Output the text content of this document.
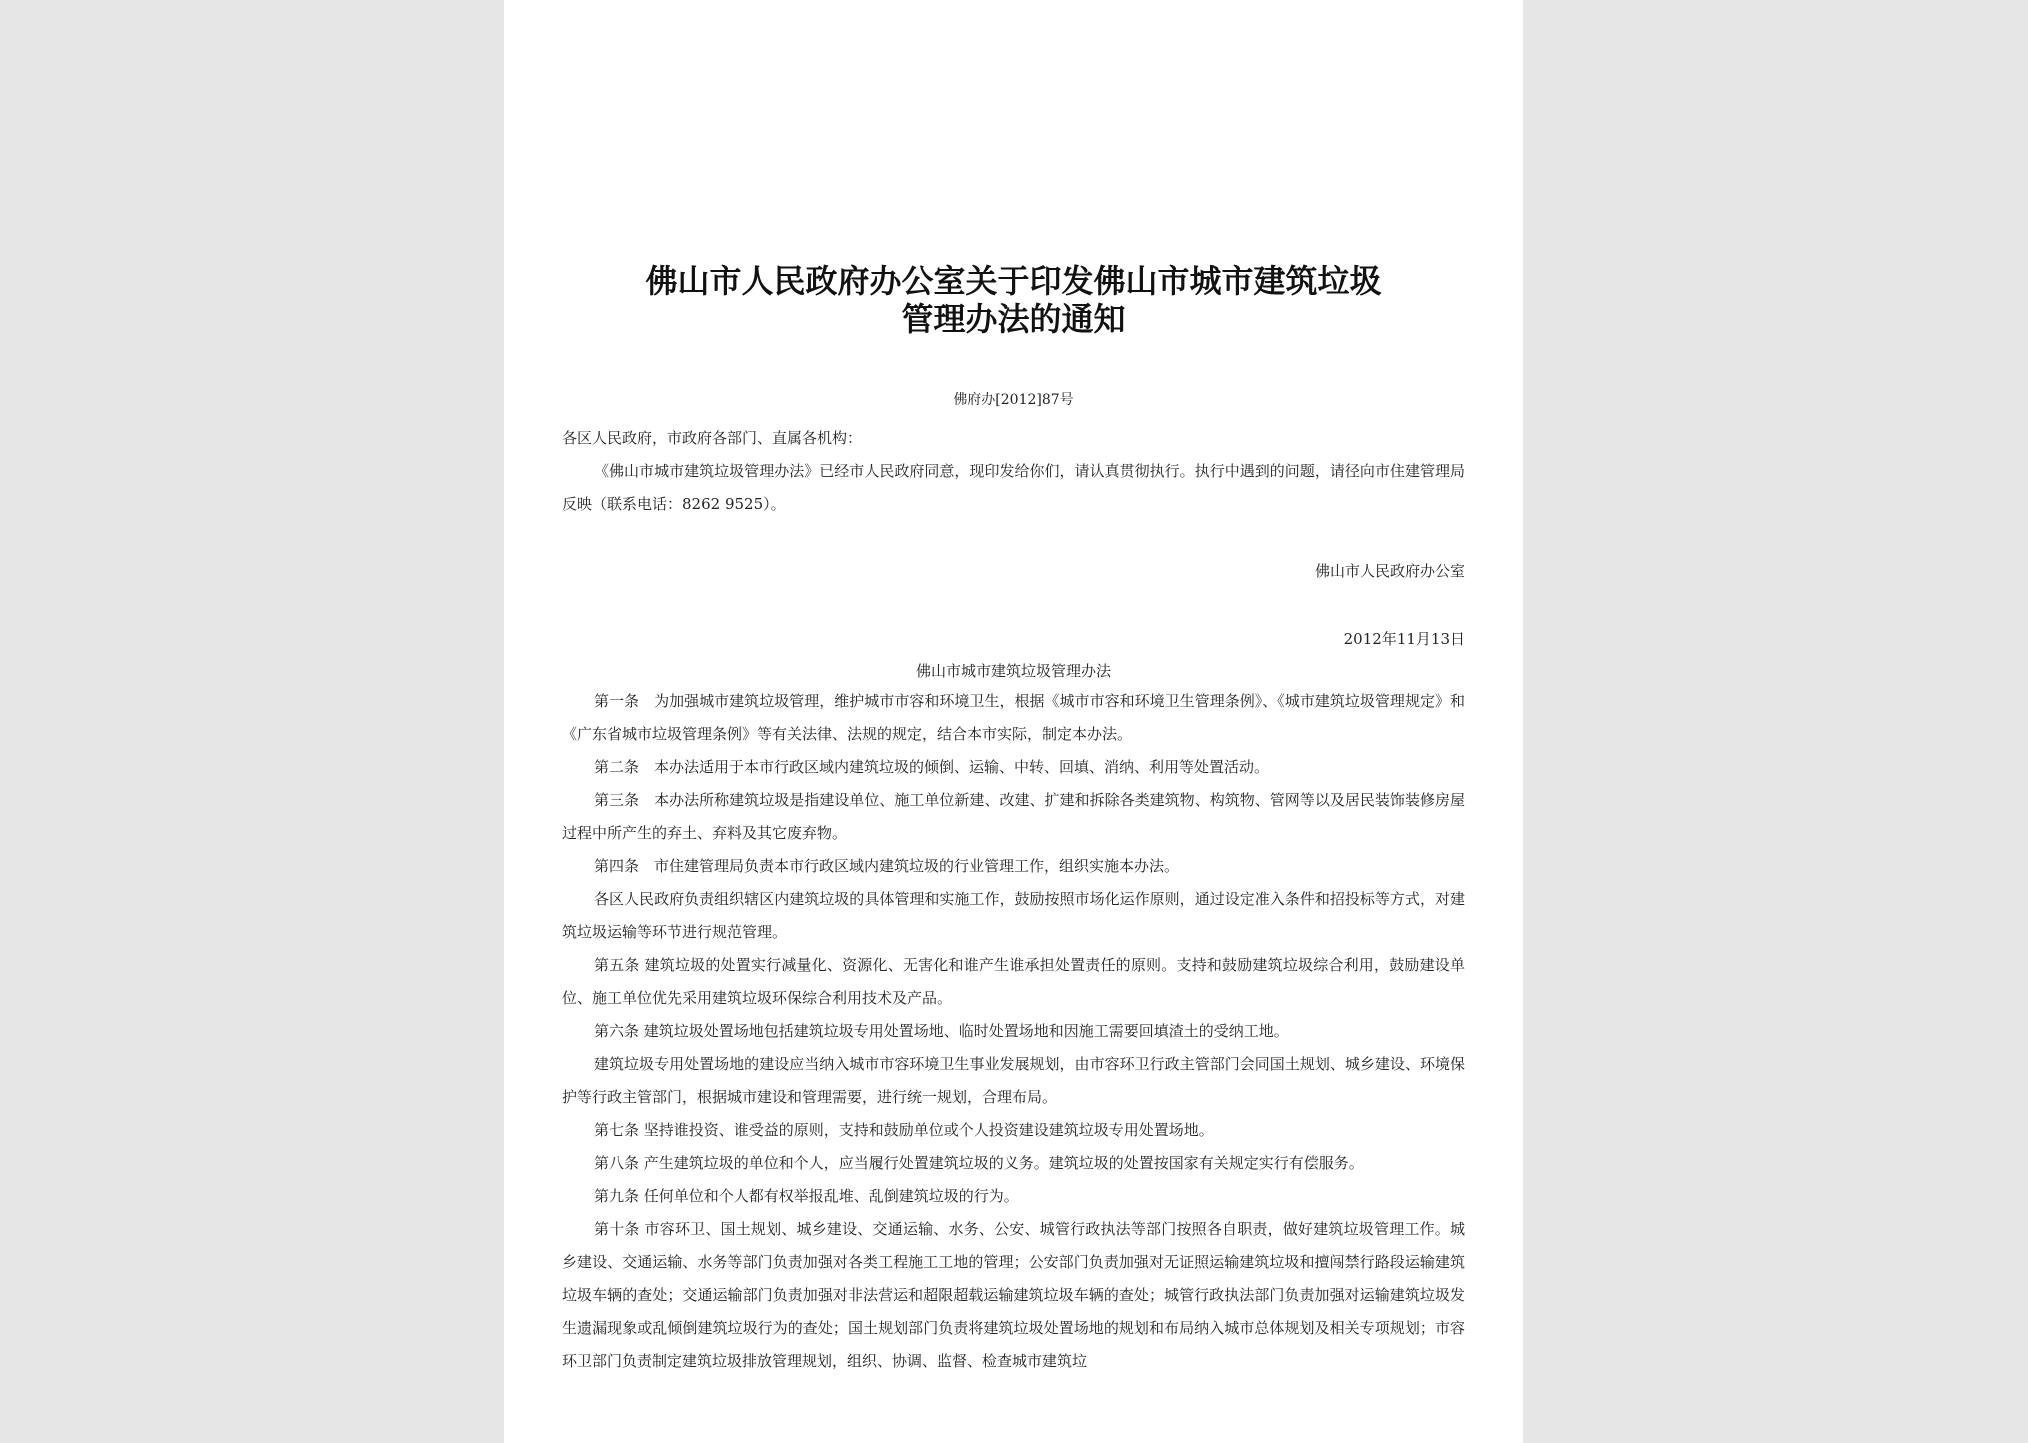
佛山市人民政府办公室关于印发佛山市城市建筑垃圾
管理办法的通知
佛府办[2012]87号

各区人民政府，市政府各部门、直属各机构：

《佛山市城市建筑垃圾管理办法》已经市人民政府同意，现印发给你们，请认真贯彻执行。执行中遇到的问题，请径向市住建管理局反映（联系电话：8262 9525）。

佛山市人民政府办公室
2012年11月13日
佛山市城市建筑垃圾管理办法

第一条　为加强城市建筑垃圾管理，维护城市市容和环境卫生，根据《城市市容和环境卫生管理条例》、《城市建筑垃圾管理规定》和《广东省城市垃圾管理条例》等有关法律、法规的规定，结合本市实际，制定本办法。

第二条　本办法适用于本市行政区域内建筑垃圾的倾倒、运输、中转、回填、消纳、利用等处置活动。

第三条　本办法所称建筑垃圾是指建设单位、施工单位新建、改建、扩建和拆除各类建筑物、构筑物、管网等以及居民装饰装修房屋过程中所产生的弃土、弃料及其它废弃物。

第四条　市住建管理局负责本市行政区域内建筑垃圾的行业管理工作，组织实施本办法。

各区人民政府负责组织辖区内建筑垃圾的具体管理和实施工作，鼓励按照市场化运作原则，通过设定准入条件和招投标等方式，对建筑垃圾运输等环节进行规范管理。

第五条 建筑垃圾的处置实行减量化、资源化、无害化和谁产生谁承担处置责任的原则。支持和鼓励建筑垃圾综合利用，鼓励建设单位、施工单位优先采用建筑垃圾环保综合利用技术及产品。

第六条 建筑垃圾处置场地包括建筑垃圾专用处置场地、临时处置场地和因施工需要回填渣土的受纳工地。

建筑垃圾专用处置场地的建设应当纳入城市市容环境卫生事业发展规划，由市容环卫行政主管部门会同国土规划、城乡建设、环境保护等行政主管部门，根据城市建设和管理需要，进行统一规划，合理布局。

第七条 坚持谁投资、谁受益的原则，支持和鼓励单位或个人投资建设建筑垃圾专用处置场地。

第八条 产生建筑垃圾的单位和个人，应当履行处置建筑垃圾的义务。建筑垃圾的处置按国家有关规定实行有偿服务。

第九条 任何单位和个人都有权举报乱堆、乱倒建筑垃圾的行为。

第十条 市容环卫、国土规划、城乡建设、交通运输、水务、公安、城管行政执法等部门按照各自职责，做好建筑垃圾管理工作。城乡建设、交通运输、水务等部门负责加强对各类工程施工工地的管理；公安部门负责加强对无证照运输建筑垃圾和擅闯禁行路段运输建筑垃圾车辆的查处；交通运输部门负责加强对非法营运和超限超载运输建筑垃圾车辆的查处；城管行政执法部门负责加强对运输建筑垃圾发生遗漏现象或乱倾倒建筑垃圾行为的查处；国土规划部门负责将建筑垃圾处置场地的规划和布局纳入城市总体规划及相关专项规划；市容环卫部门负责制定建筑垃圾排放管理规划，组织、协调、监督、检查城市建筑垃
